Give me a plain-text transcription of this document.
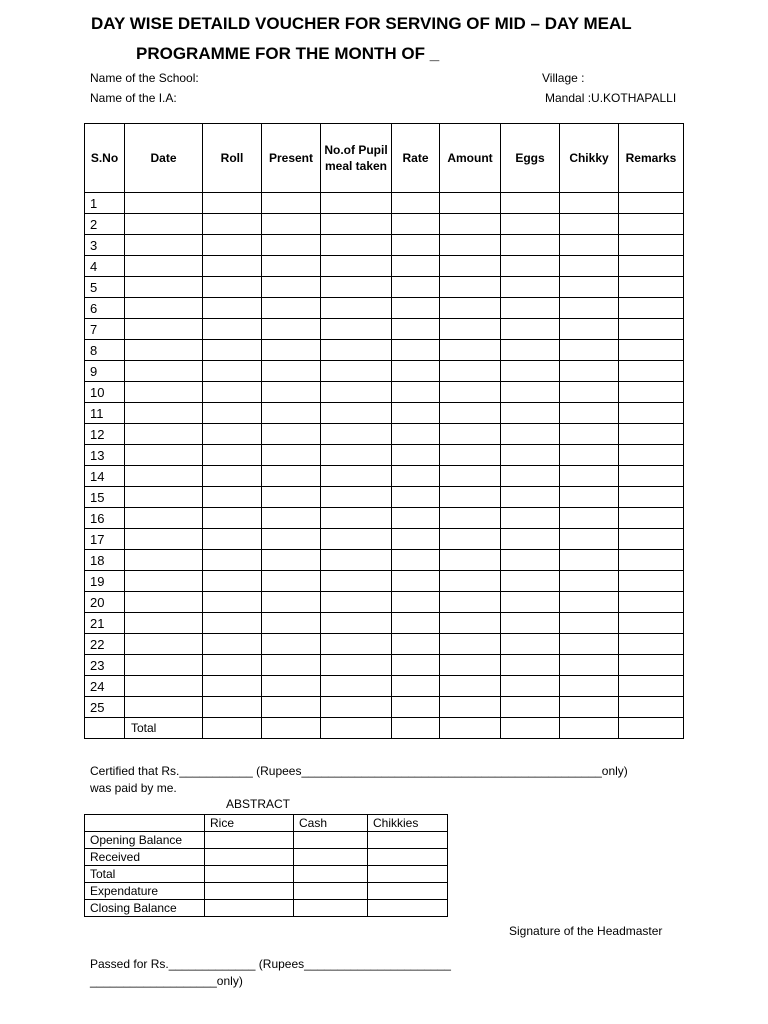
DAY WISE DETAILD VOUCHER FOR SERVING OF MID – DAY MEAL
PROGRAMME FOR THE MONTH OF _
Name of the School:
Name of the I.A:
Village :
Mandal :U.KOTHAPALLI
S.No	Date	Roll	Present	No.of Pupil meal taken	Rate	Amount	Eggs	Chikky	Remarks
1									
2									
3									
4									
5									
6									
7									
8									
9									
10									
11									
12									
13									
14									
15									
16									
17									
18									
19									
20									
21									
22									
23									
24									
25									
	Total								
Certified that Rs.___________ (Rupees_____________________________________________only)
was paid by me.
ABSTRACT
	Rice	Cash	Chikkies
Opening Balance			
Received			
Total			
Expendature			
Closing Balance			
Signature of the Headmaster
Passed for Rs._____________ (Rupees______________________
___________________only)
